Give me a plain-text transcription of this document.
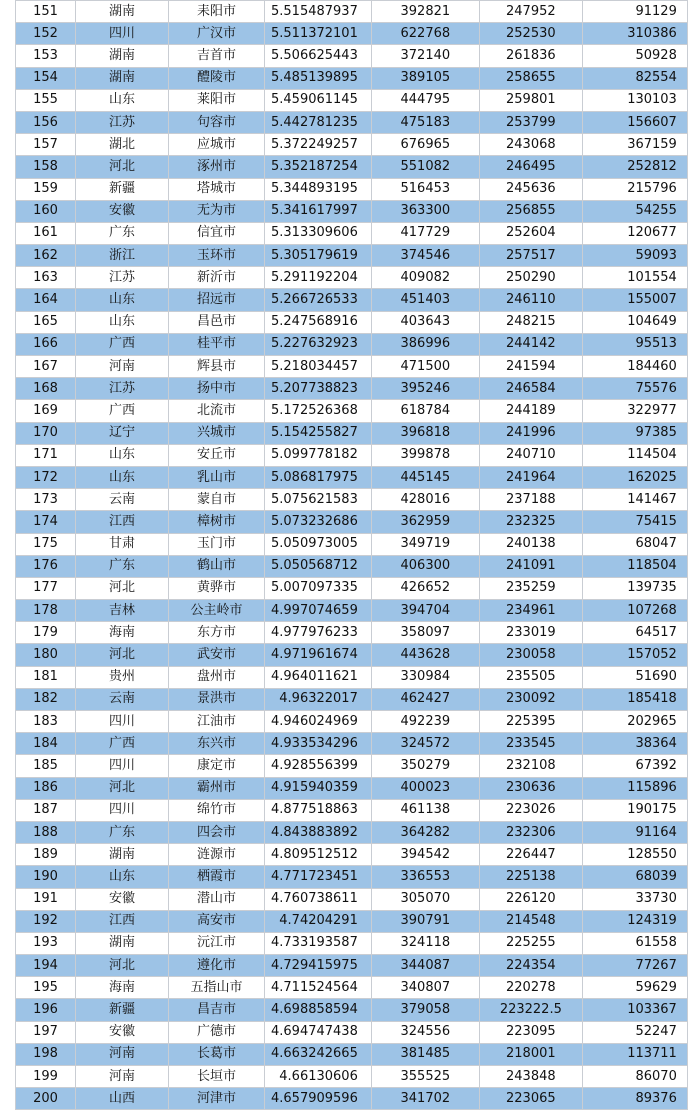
151	湖南	耒阳市	5.515487937	392821	247952	91129
152	四川	广汉市	5.511372101	622768	252530	310386
153	湖南	吉首市	5.506625443	372140	261836	50928
154	湖南	醴陵市	5.485139895	389105	258655	82554
155	山东	莱阳市	5.459061145	444795	259801	130103
156	江苏	句容市	5.442781235	475183	253799	156607
157	湖北	应城市	5.372249257	676965	243068	367159
158	河北	涿州市	5.352187254	551082	246495	252812
159	新疆	塔城市	5.344893195	516453	245636	215796
160	安徽	无为市	5.341617997	363300	256855	54255
161	广东	信宜市	5.313309606	417729	252604	120677
162	浙江	玉环市	5.305179619	374546	257517	59093
163	江苏	新沂市	5.291192204	409082	250290	101554
164	山东	招远市	5.266726533	451403	246110	155007
165	山东	昌邑市	5.247568916	403643	248215	104649
166	广西	桂平市	5.227632923	386996	244142	95513
167	河南	辉县市	5.218034457	471500	241594	184460
168	江苏	扬中市	5.207738823	395246	246584	75576
169	广西	北流市	5.172526368	618784	244189	322977
170	辽宁	兴城市	5.154255827	396818	241996	97385
171	山东	安丘市	5.099778182	399878	240710	114504
172	山东	乳山市	5.086817975	445145	241964	162025
173	云南	蒙自市	5.075621583	428016	237188	141467
174	江西	樟树市	5.073232686	362959	232325	75415
175	甘肃	玉门市	5.050973005	349719	240138	68047
176	广东	鹤山市	5.050568712	406300	241091	118504
177	河北	黄骅市	5.007097335	426652	235259	139735
178	吉林	公主岭市	4.997074659	394704	234961	107268
179	海南	东方市	4.977976233	358097	233019	64517
180	河北	武安市	4.971961674	443628	230058	157052
181	贵州	盘州市	4.964011621	330984	235505	51690
182	云南	景洪市	4.96322017	462427	230092	185418
183	四川	江油市	4.946024969	492239	225395	202965
184	广西	东兴市	4.933534296	324572	233545	38364
185	四川	康定市	4.928556399	350279	232108	67392
186	河北	霸州市	4.915940359	400023	230636	115896
187	四川	绵竹市	4.877518863	461138	223026	190175
188	广东	四会市	4.843883892	364282	232306	91164
189	湖南	涟源市	4.809512512	394542	226447	128550
190	山东	栖霞市	4.771723451	336553	225138	68039
191	安徽	潜山市	4.760738611	305070	226120	33730
192	江西	高安市	4.74204291	390791	214548	124319
193	湖南	沅江市	4.733193587	324118	225255	61558
194	河北	遵化市	4.729415975	344087	224354	77267
195	海南	五指山市	4.711524564	340807	220278	59629
196	新疆	昌吉市	4.698858594	379058	223222.5	103367
197	安徽	广德市	4.694747438	324556	223095	52247
198	河南	长葛市	4.663242665	381485	218001	113711
199	河南	长垣市	4.66130606	355525	243848	86070
200	山西	河津市	4.657909596	341702	223065	89376
